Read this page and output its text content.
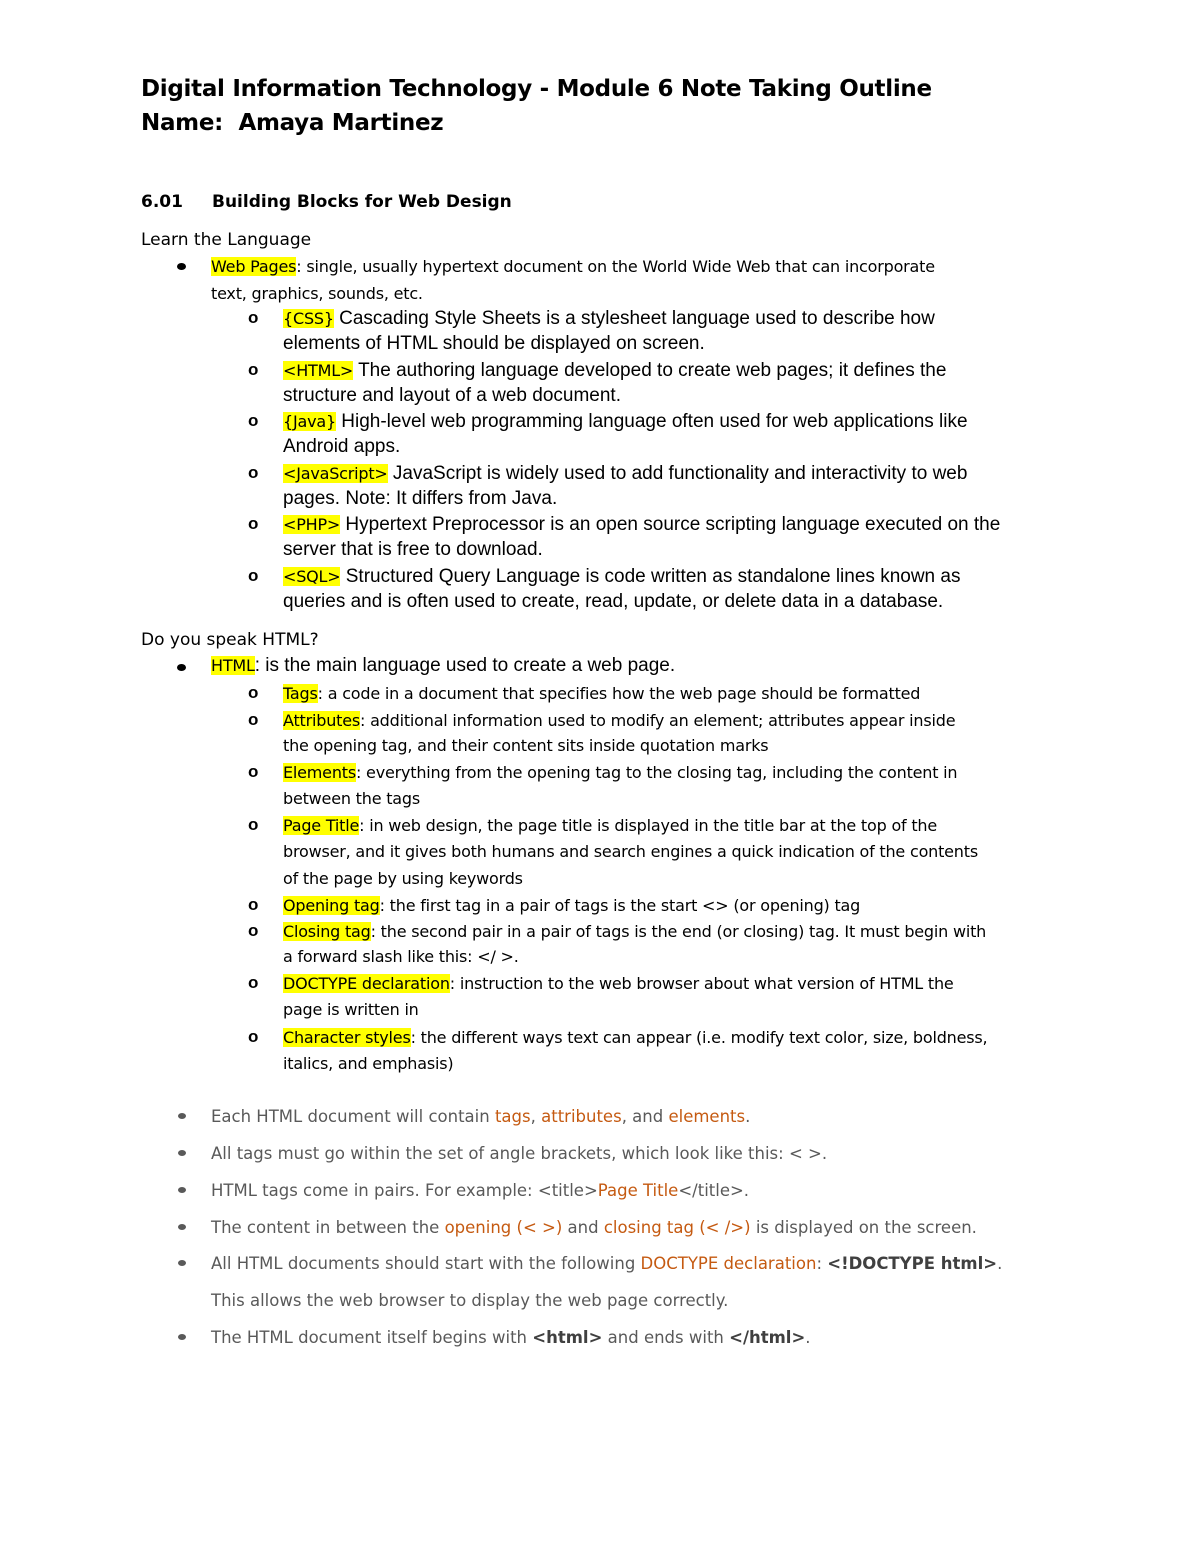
Digital Information Technology - Module 6 Note Taking Outline
Name: Amaya Martinez
6.01 Building Blocks for Web Design
Learn the Language
Web Pages: single, usually hypertext document on the World Wide Web that can incorporate
text, graphics, sounds, etc.
o {CSS} Cascading Style Sheets is a stylesheet language used to describe how
elements of HTML should be displayed on screen.
o <HTML> The authoring language developed to create web pages; it defines the
structure and layout of a web document.
o {Java} High-level web programming language often used for web applications like
Android apps.
o <JavaScript> JavaScript is widely used to add functionality and interactivity to web
pages. Note: It differs from Java.
o <PHP> Hypertext Preprocessor is an open source scripting language executed on the
server that is free to download.
o <SQL> Structured Query Language is code written as standalone lines known as
queries and is often used to create, read, update, or delete data in a database.
Do you speak HTML?
HTML: is the main language used to create a web page.
o Tags: a code in a document that specifies how the web page should be formatted
o Attributes: additional information used to modify an element; attributes appear inside
the opening tag, and their content sits inside quotation marks
o Elements: everything from the opening tag to the closing tag, including the content in
between the tags
o Page Title: in web design, the page title is displayed in the title bar at the top of the
browser, and it gives both humans and search engines a quick indication of the contents
of the page by using keywords
o Opening tag: the first tag in a pair of tags is the start <> (or opening) tag
o Closing tag: the second pair in a pair of tags is the end (or closing) tag. It must begin with
a forward slash like this: </ >.
o DOCTYPE declaration: instruction to the web browser about what version of HTML the
page is written in
o Character styles: the different ways text can appear (i.e. modify text color, size, boldness,
italics, and emphasis)
Each HTML document will contain tags, attributes, and elements.
All tags must go within the set of angle brackets, which look like this: < >.
HTML tags come in pairs. For example: <title>Page Title</title>.
The content in between the opening (< >) and closing tag (< />) is displayed on the screen.
All HTML documents should start with the following DOCTYPE declaration: <!DOCTYPE html>.
This allows the web browser to display the web page correctly.
The HTML document itself begins with <html> and ends with </html>.
